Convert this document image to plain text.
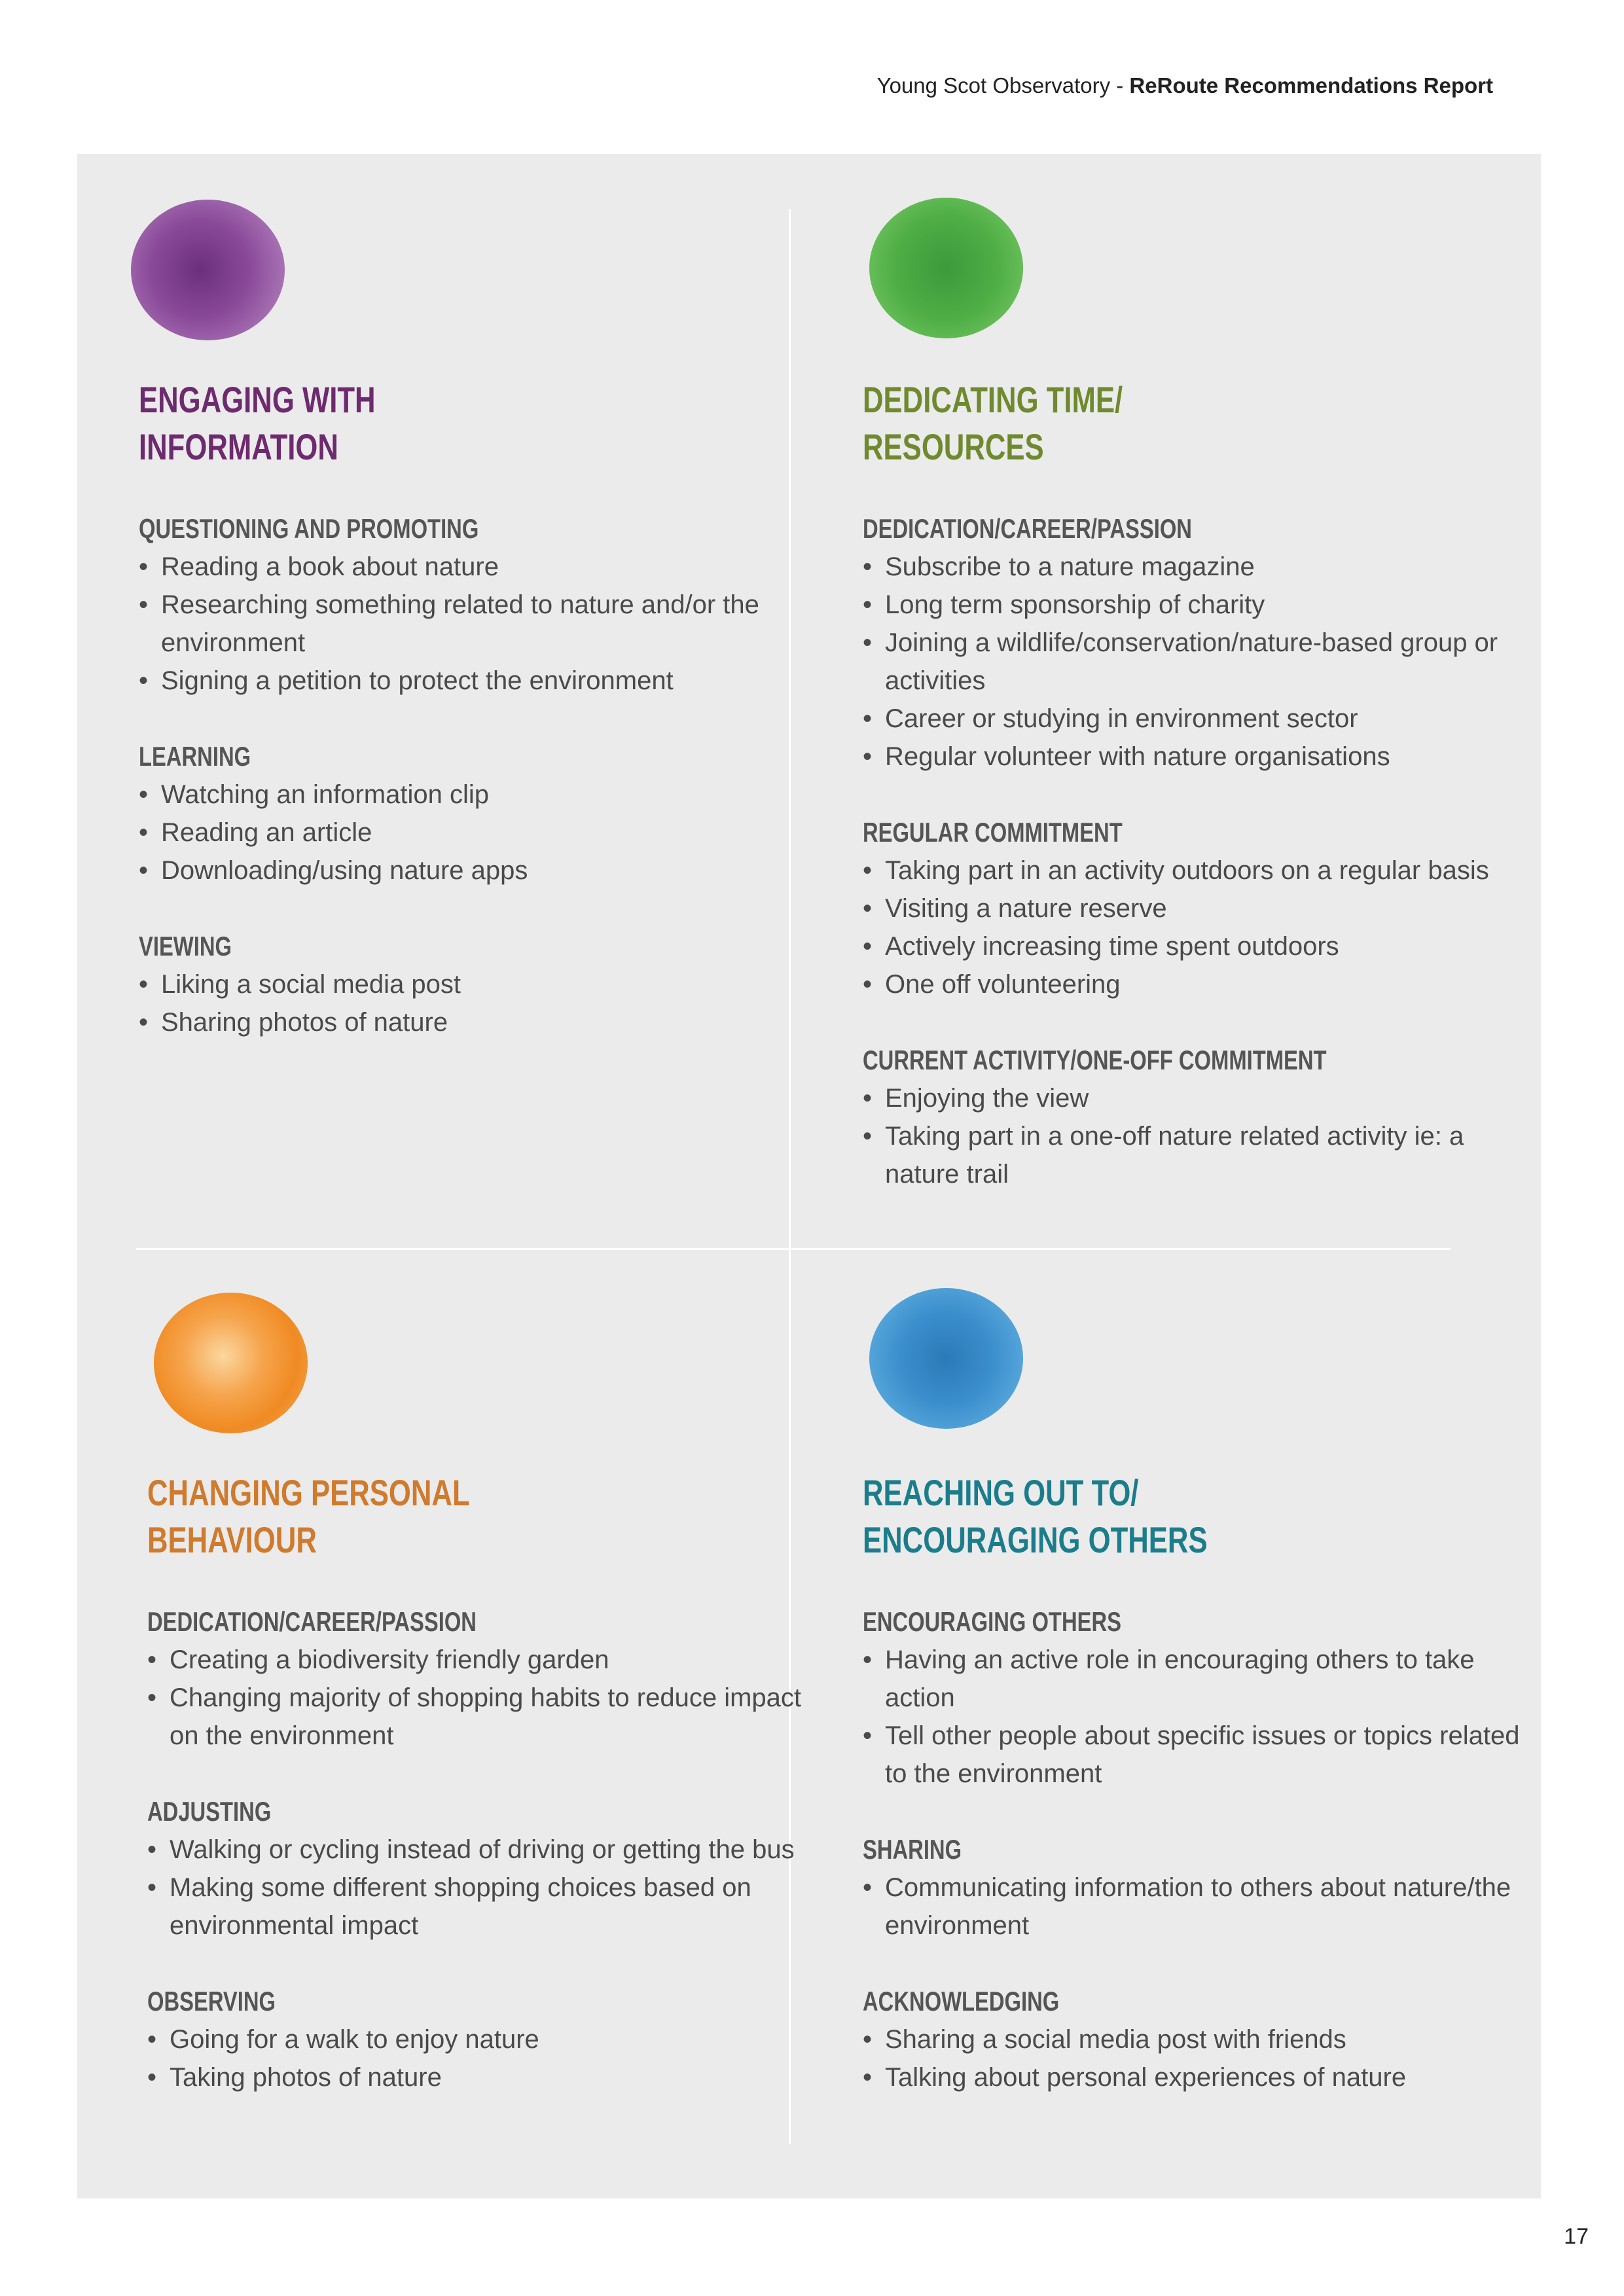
Young Scot Observatory - ReRoute Recommendations Report
ENGAGING WITH
INFORMATION
QUESTIONING AND PROMOTING
• Reading a book about nature
• Researching something related to nature and/or the environment
• Signing a petition to protect the environment
LEARNING
• Watching an information clip
• Reading an article
• Downloading/using nature apps
VIEWING
• Liking a social media post
• Sharing photos of nature
DEDICATING TIME/
RESOURCES
DEDICATION/CAREER/PASSION
• Subscribe to a nature magazine
• Long term sponsorship of charity
• Joining a wildlife/conservation/nature-based group or activities
• Career or studying in environment sector
• Regular volunteer with nature organisations
REGULAR COMMITMENT
• Taking part in an activity outdoors on a regular basis
• Visiting a nature reserve
• Actively increasing time spent outdoors
• One off volunteering
CURRENT ACTIVITY/ONE-OFF COMMITMENT
• Enjoying the view
• Taking part in a one-off nature related activity ie: a nature trail
CHANGING PERSONAL
BEHAVIOUR
DEDICATION/CAREER/PASSION
• Creating a biodiversity friendly garden
• Changing majority of shopping habits to reduce impact on the environment
ADJUSTING
• Walking or cycling instead of driving or getting the bus
• Making some different shopping choices based on environmental impact
OBSERVING
• Going for a walk to enjoy nature
• Taking photos of nature
REACHING OUT TO/
ENCOURAGING OTHERS
ENCOURAGING OTHERS
• Having an active role in encouraging others to take action
• Tell other people about specific issues or topics related to the environment
SHARING
• Communicating information to others about nature/the environment
ACKNOWLEDGING
• Sharing a social media post with friends
• Talking about personal experiences of nature
17
